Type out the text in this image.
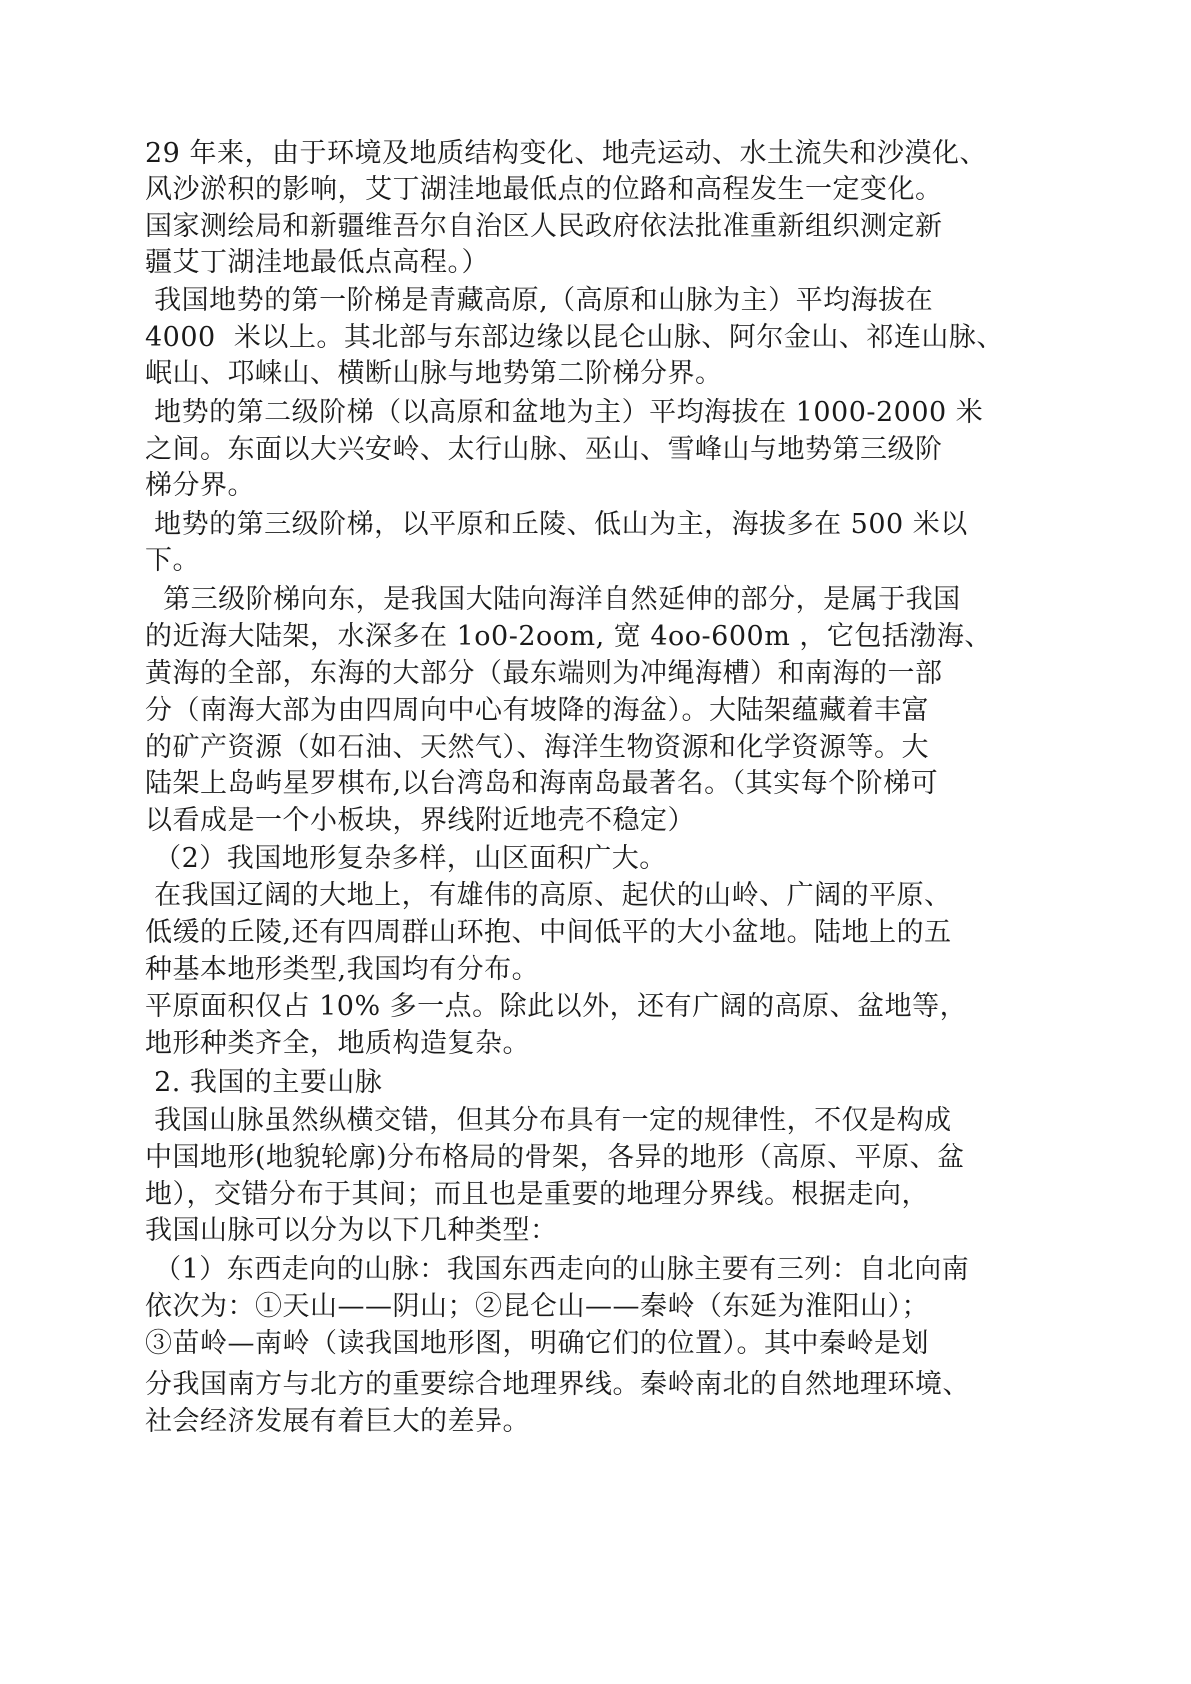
29 年来，由于环境及地质结构变化、地壳运动、水土流失和沙漠化、
风沙淤积的影响，艾丁湖洼地最低点的位路和高程发生一定变化。
国家测绘局和新疆维吾尔自治区人民政府依法批准重新组织测定新
疆艾丁湖洼地最低点高程。）
我国地势的第一阶梯是青藏高原,（高原和山脉为主）平均海拔在
4000  米以上。其北部与东部边缘以昆仑山脉、阿尔金山、祁连山脉、
岷山、邛崃山、横断山脉与地势第二阶梯分界。
地势的第二级阶梯（以高原和盆地为主）平均海拔在 1000-2000 米
之间。东面以大兴安岭、太行山脉、巫山、雪峰山与地势第三级阶
梯分界。
地势的第三级阶梯，以平原和丘陵、低山为主，海拔多在 500 米以
下。
第三级阶梯向东，是我国大陆向海洋自然延伸的部分，是属于我国
的近海大陆架，水深多在 1o0-2oom, 宽 4oo-600m ，它包括渤海、
黄海的全部，东海的大部分（最东端则为冲绳海槽）和南海的一部
分（南海大部为由四周向中心有坡降的海盆）。大陆架蕴藏着丰富
的矿产资源（如石油、天然气）、海洋生物资源和化学资源等。大
陆架上岛屿星罗棋布,以台湾岛和海南岛最著名。（其实每个阶梯可
以看成是一个小板块，界线附近地壳不稳定）
（2）我国地形复杂多样，山区面积广大。
在我国辽阔的大地上，有雄伟的高原、起伏的山岭、广阔的平原、
低缓的丘陵,还有四周群山环抱、中间低平的大小盆地。陆地上的五
种基本地形类型,我国均有分布。
平原面积仅占 10% 多一点。除此以外，还有广阔的高原、盆地等，
地形种类齐全，地质构造复杂。
2. 我国的主要山脉
我国山脉虽然纵横交错，但其分布具有一定的规律性，不仅是构成
中国地形(地貌轮廓)分布格局的骨架，各异的地形（高原、平原、盆
地），交错分布于其间；而且也是重要的地理分界线。根据走向，
我国山脉可以分为以下几种类型：
（1）东西走向的山脉：我国东西走向的山脉主要有三列：自北向南
依次为：①天山——阴山；②昆仑山——秦岭（东延为淮阳山）；
③苗岭—南岭（读我国地形图，明确它们的位置）。其中秦岭是划
分我国南方与北方的重要综合地理界线。秦岭南北的自然地理环境、
社会经济发展有着巨大的差异。
